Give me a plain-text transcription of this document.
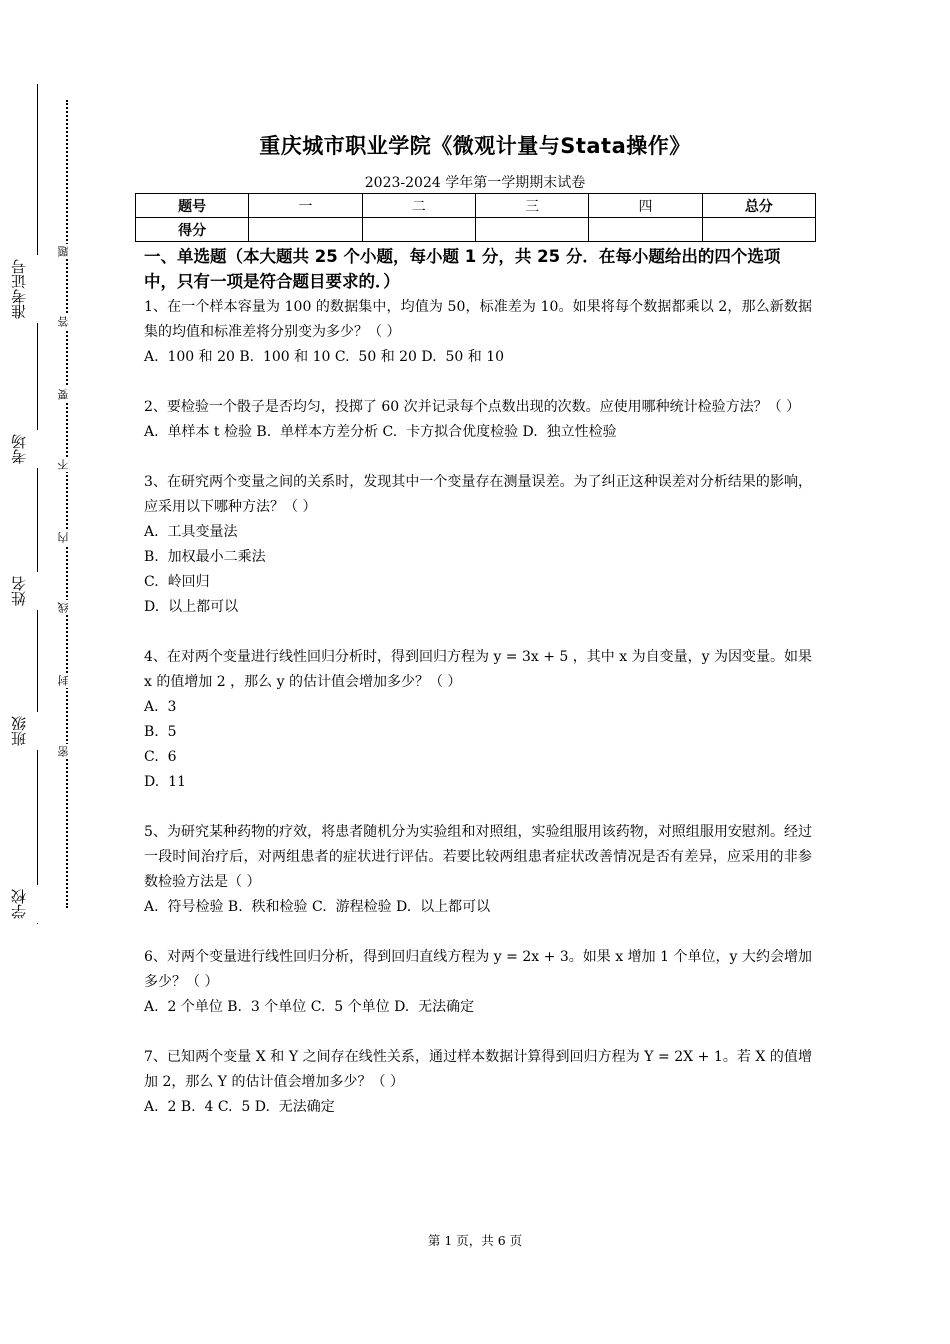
准考证号
考场
姓名
班级
学校
题
答
要
不
内
线
封
密
重庆城市职业学院《微观计量与Stata操作》
2023-2024 学年第一学期期末试卷
题号	一	二	三	四	总分
得分					

一、单选题（本大题共 25 个小题，每小题 1 分，共 25 分．在每小题给出的四个选项中，只有一项是符合题目要求的．）

1、在一个样本容量为 100 的数据集中，均值为 50，标准差为 10。如果将每个数据都乘以 2，那么新数据集的均值和标准差将分别变为多少？（ ）

A.  100 和 20 B.  100 和 10 C.  50 和 20 D.  50 和 10

2、要检验一个骰子是否均匀，投掷了 60 次并记录每个点数出现的次数。应使用哪种统计检验方法？（ ）

A.  单样本 t 检验 B.  单样本方差分析 C.  卡方拟合优度检验 D.  独立性检验

3、在研究两个变量之间的关系时，发现其中一个变量存在测量误差。为了纠正这种误差对分析结果的影响，应采用以下哪种方法？（ ）

A.  工具变量法

B.  加权最小二乘法

C.  岭回归

D.  以上都可以

4、在对两个变量进行线性回归分析时，得到回归方程为 y = 3x + 5 ，其中 x 为自变量，y 为因变量。如果 x 的值增加 2 ，那么 y 的估计值会增加多少？（ ）

A.  3

B.  5

C.  6

D.  11

5、为研究某种药物的疗效，将患者随机分为实验组和对照组，实验组服用该药物，对照组服用安慰剂。经过一段时间治疗后，对两组患者的症状进行评估。若要比较两组患者症状改善情况是否有差异，应采用的非参数检验方法是（ ）

A.  符号检验 B.  秩和检验 C.  游程检验 D.  以上都可以

6、对两个变量进行线性回归分析，得到回归直线方程为 y = 2x + 3。如果 x 增加 1 个单位，y 大约会增加多少？（ ）

A.  2 个单位 B.  3 个单位 C.  5 个单位 D.  无法确定

7、已知两个变量 X 和 Y 之间存在线性关系，通过样本数据计算得到回归方程为 Y = 2X + 1。若 X 的值增加 2，那么 Y 的估计值会增加多少？（ ）

A.  2 B.  4 C.  5 D.  无法确定

第 1 页，共 6 页
